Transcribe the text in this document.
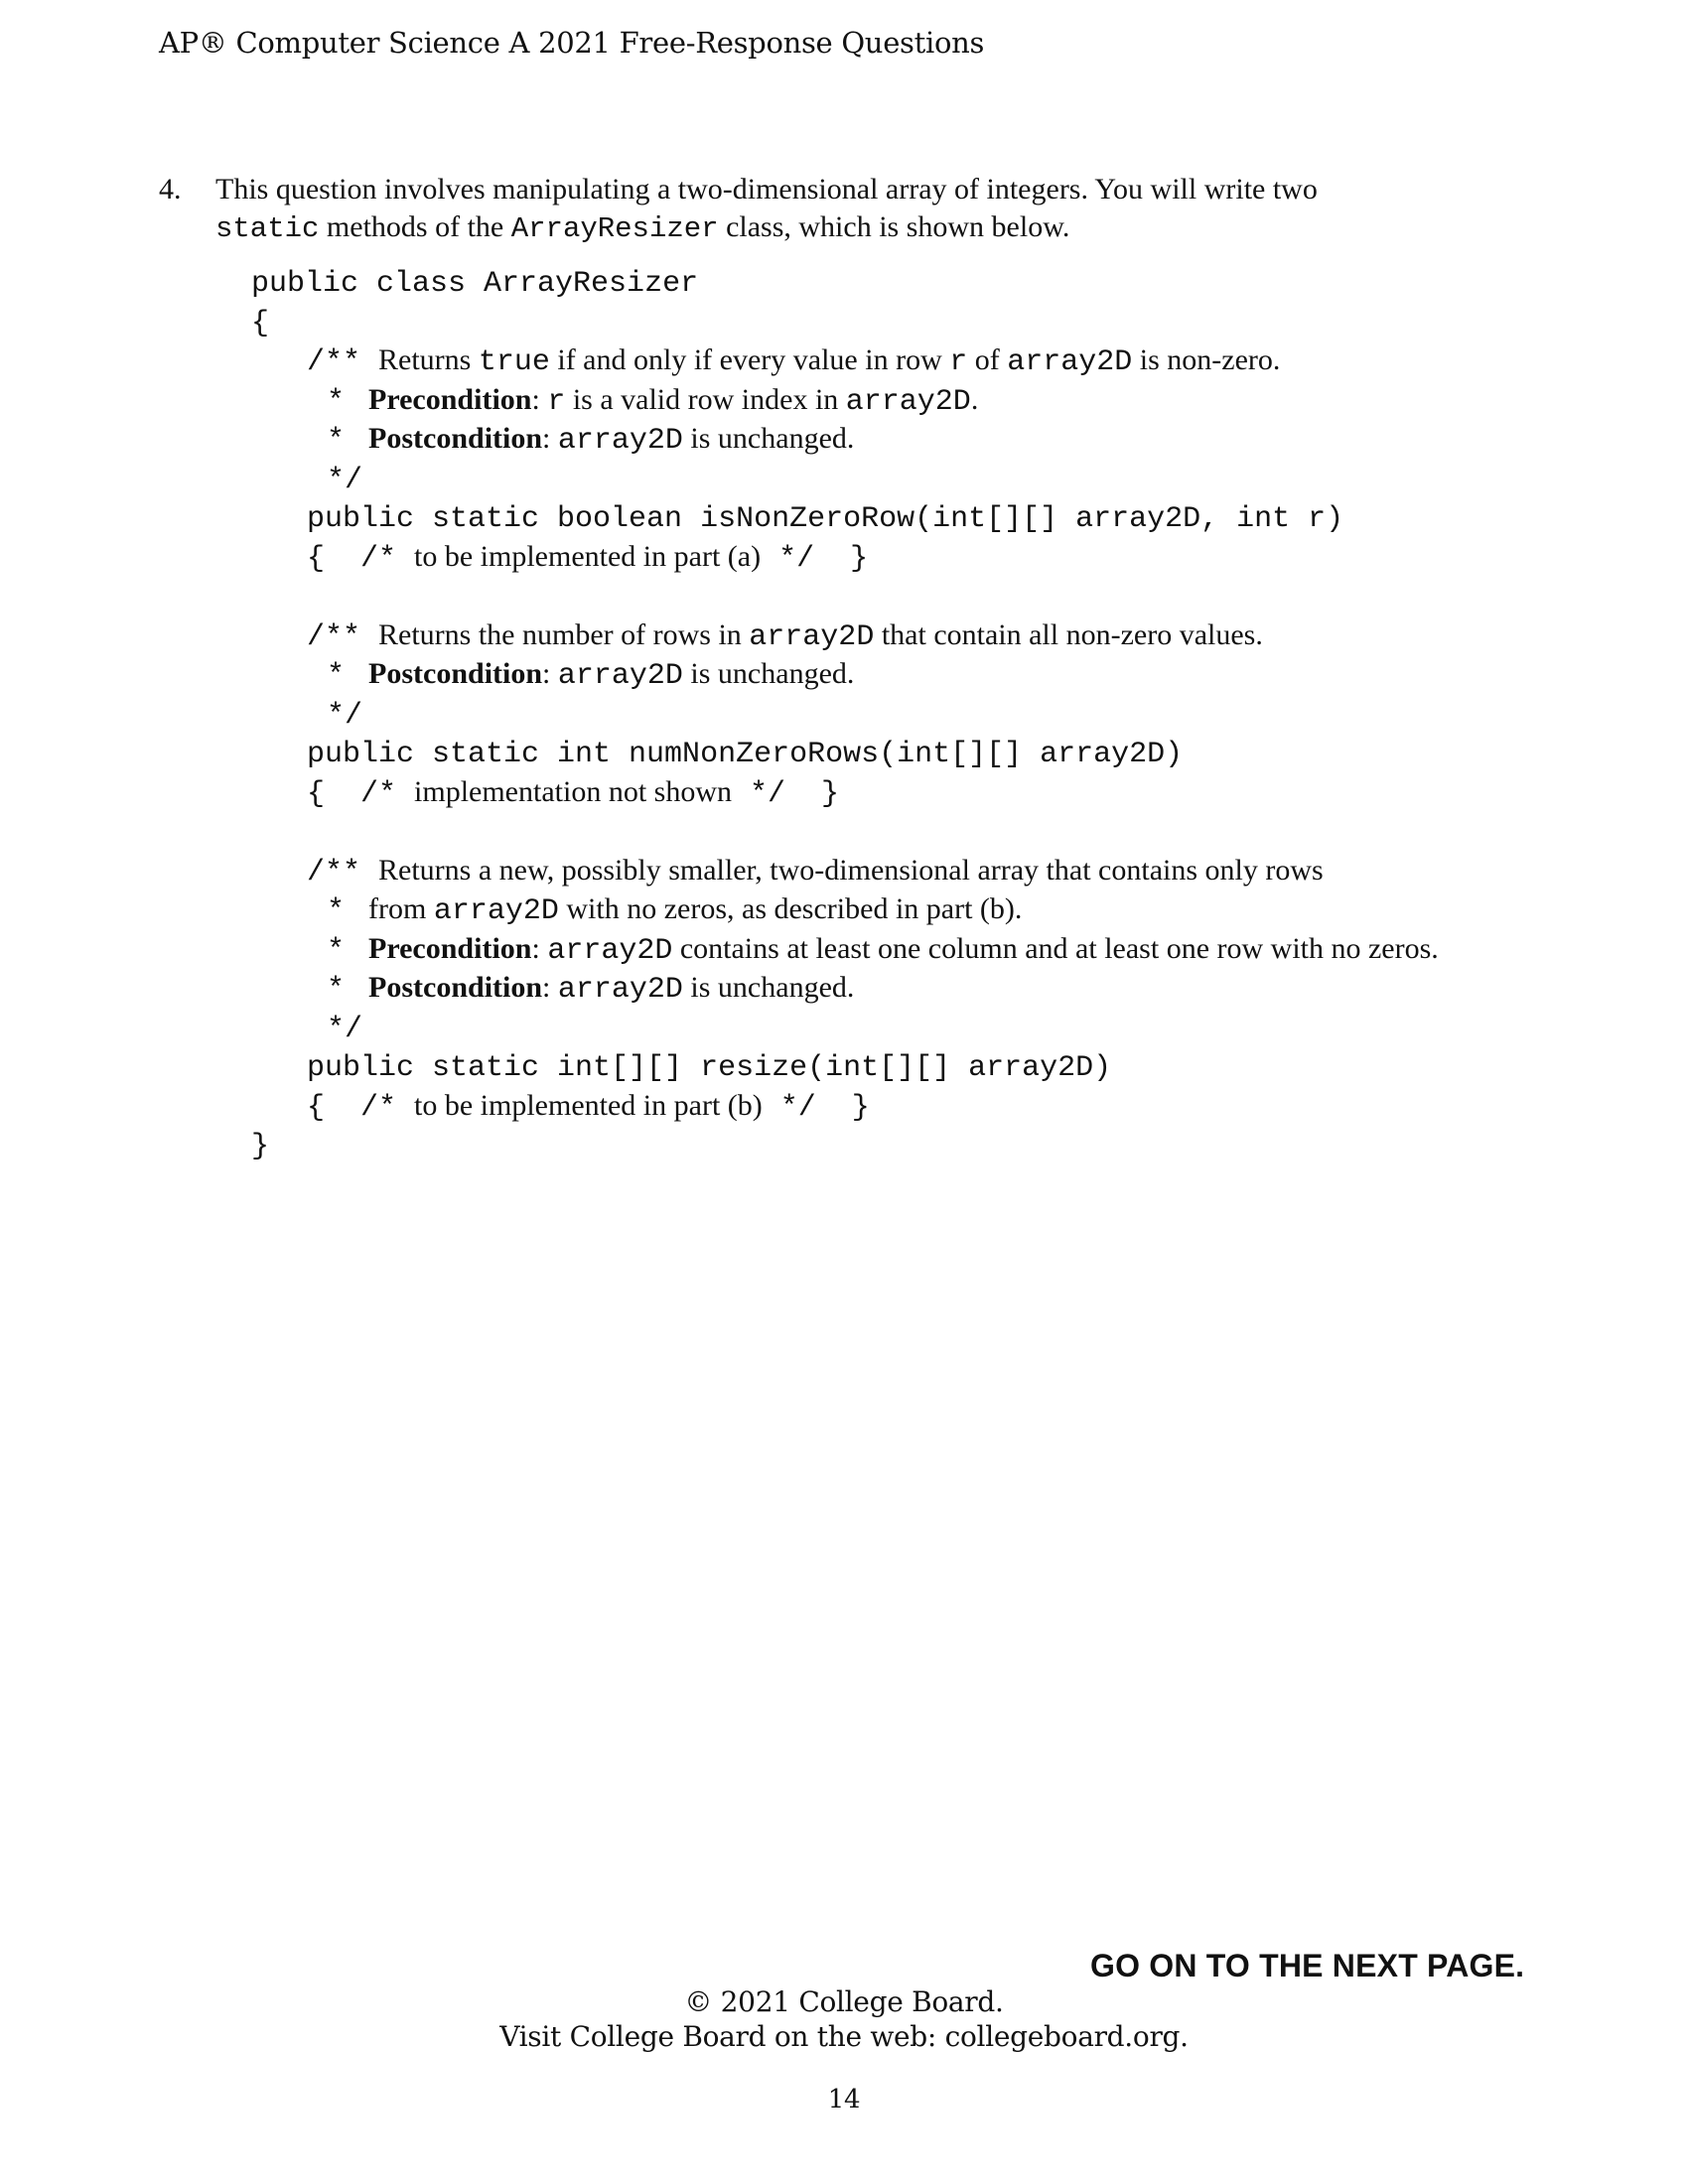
AP® Computer Science A 2021 Free-Response Questions
4. This question involves manipulating a two-dimensional array of integers. You will write two
static methods of the ArrayResizer class, which is shown below.
public class ArrayResizer
{
/** Returns true if and only if every value in row r of array2D is non-zero.
* Precondition: r is a valid row index in array2D.
* Postcondition: array2D is unchanged.
*/
public static boolean isNonZeroRow(int[][] array2D, int r)
{  /* to be implemented in part (a) */  }
/** Returns the number of rows in array2D that contain all non-zero values.
* Postcondition: array2D is unchanged.
*/
public static int numNonZeroRows(int[][] array2D)
{  /* implementation not shown */  }
/** Returns a new, possibly smaller, two-dimensional array that contains only rows
* from array2D with no zeros, as described in part (b).
* Precondition: array2D contains at least one column and at least one row with no zeros.
* Postcondition: array2D is unchanged.
*/
public static int[][] resize(int[][] array2D)
{  /* to be implemented in part (b) */  }
}
GO ON TO THE NEXT PAGE.
© 2021 College Board.
Visit College Board on the web: collegeboard.org.
14
